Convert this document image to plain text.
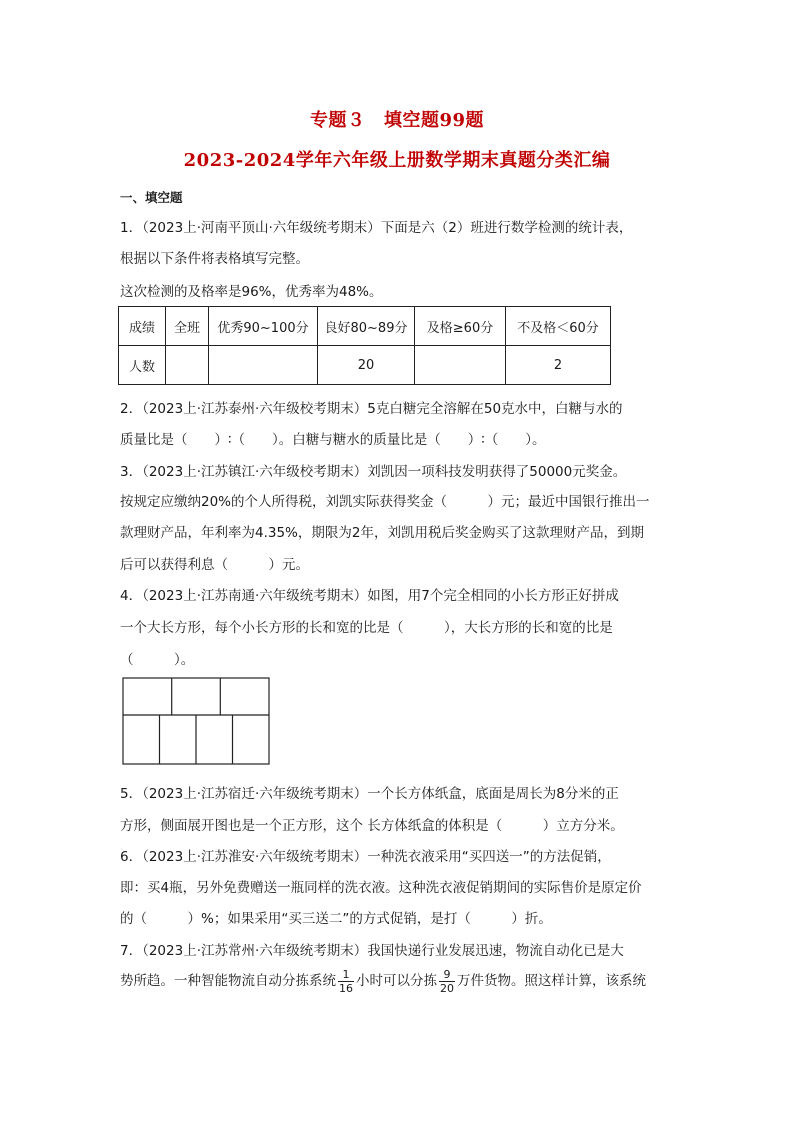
专题３　填空题99题
2023-2024学年六年级上册数学期末真题分类汇编
一、填空题
1．（2023上·河南平顶山·六年级统考期末）下面是六（2）班进行数学检测的统计表，
根据以下条件将表格填写完整。
这次检测的及格率是96%，优秀率为48%。
成绩	全班	优秀90~100分	良好80~89分	及格≥60分	不及格＜60分
人数			20		2
2．（2023上·江苏泰州·六年级校考期末）5克白糖完全溶解在50克水中，白糖与水的
质量比是（　　）∶（　　）。白糖与糖水的质量比是（　　）∶（　　）。
3．（2023上·江苏镇江·六年级校考期末）刘凯因一项科技发明获得了50000元奖金。
按规定应缴纳20%的个人所得税，刘凯实际获得奖金（　　　）元；最近中国银行推出一
款理财产品，年利率为4.35%，期限为2年，刘凯用税后奖金购买了这款理财产品，到期
后可以获得利息（　　　）元。
4．（2023上·江苏南通·六年级统考期末）如图，用7个完全相同的小长方形正好拼成
一个大长方形，每个小长方形的长和宽的比是（　　　），大长方形的长和宽的比是
（　　　）。
5．（2023上·江苏宿迁·六年级统考期末）一个长方体纸盒，底面是周长为8分米的正
方形，侧面展开图也是一个正方形，这个 长方体纸盒的体积是（　　　）立方分米。
6．（2023上·江苏淮安·六年级统考期末）一种洗衣液采用“买四送一”的方法促销，
即：买4瓶，另外免费赠送一瓶同样的洗衣液。这种洗衣液促销期间的实际售价是原定价
的（　　　）%；如果采用“买三送二”的方式促销，是打（　　　）折。
7．（2023上·江苏常州·六年级统考期末）我国快递行业发展迅速，物流自动化已是大
势所趋。一种智能物流自动分拣系统 $\frac{1}{16}$ 小时可以分拣 $\frac{9}{20}$ 万件货物。照这样计算，该系统
